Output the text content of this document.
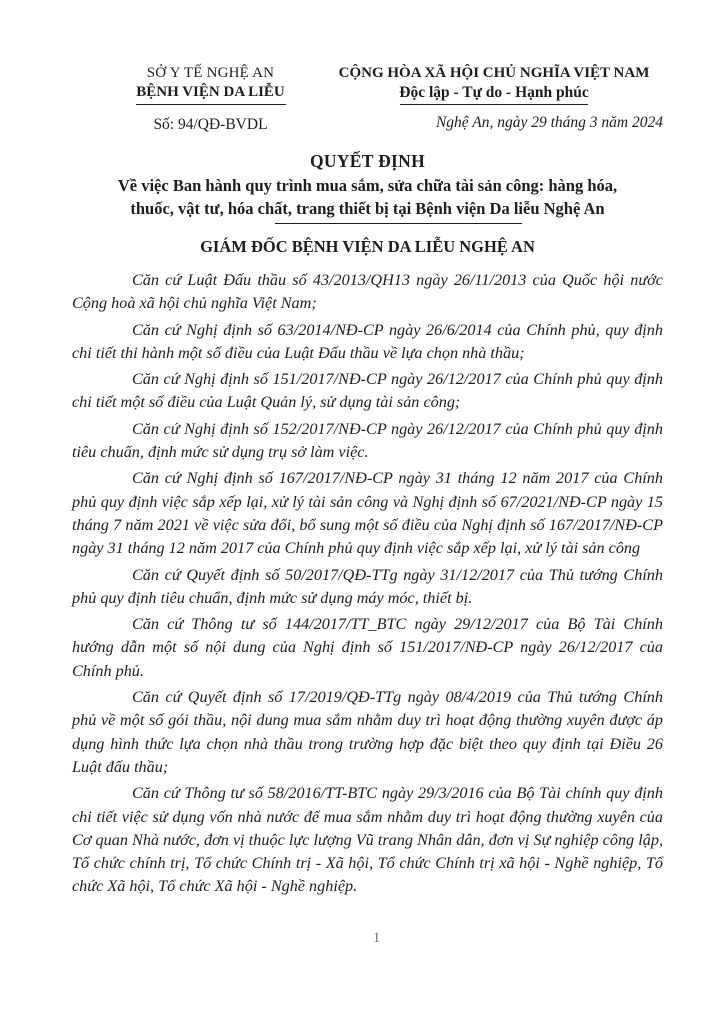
SỞ Y TẾ NGHỆ AN
BỆNH VIỆN DA LIỄU
Số: 94/QĐ-BVDL
CỘNG HÒA XÃ HỘI CHỦ NGHĨA VIỆT NAM
Độc lập - Tự do - Hạnh phúc
Nghệ An, ngày 29 tháng 3 năm 2024
QUYẾT ĐỊNH
Về việc Ban hành quy trình mua sắm, sửa chữa tài sản công: hàng hóa,
thuốc, vật tư, hóa chất, trang thiết bị tại Bệnh viện Da liễu Nghệ An
GIÁM ĐỐC BỆNH VIỆN DA LIỄU NGHỆ AN

Căn cứ Luật Đấu thầu số 43/2013/QH13 ngày 26/11/2013 của Quốc hội nước Cộng hoà xã hội chủ nghĩa Việt Nam;

Căn cứ Nghị định số 63/2014/NĐ-CP ngày 26/6/2014 của Chính phủ, quy định chi tiết thi hành một số điều của Luật Đấu thầu về lựa chọn nhà thầu;

Căn cứ Nghị định số 151/2017/NĐ-CP ngày 26/12/2017 của Chính phủ quy định chi tiết một số điều của Luật Quản lý, sử dụng tài sản công;

Căn cứ Nghị định số 152/2017/NĐ-CP ngày 26/12/2017 của Chính phủ quy định tiêu chuẩn, định mức sử dụng trụ sở làm việc.

Căn cứ Nghị định số 167/2017/NĐ-CP ngày 31 tháng 12 năm 2017 của Chính phủ quy định việc sắp xếp lại, xử lý tài sản công và Nghị định số 67/2021/NĐ-CP ngày 15 tháng 7 năm 2021 về việc sửa đổi, bổ sung một số điều của Nghị định số 167/2017/NĐ-CP ngày 31 tháng 12 năm 2017 của Chính phủ quy định việc sắp xếp lại, xử lý tài sản công

Căn cứ Quyết định số 50/2017/QĐ-TTg ngày 31/12/2017 của Thủ tướng Chính phủ quy định tiêu chuẩn, định mức sử dụng máy móc, thiết bị.

Căn cứ Thông tư số 144/2017/TT_BTC ngày 29/12/2017 của Bộ Tài Chính hướng dẫn một số nội dung của Nghị định số 151/2017/NĐ-CP ngày 26/12/2017 của Chính phủ.

Căn cứ Quyết định số 17/2019/QĐ-TTg ngày 08/4/2019 của Thủ tướng Chính phủ về một số gói thầu, nội dung mua sắm nhằm duy trì hoạt động thường xuyên được áp dụng hình thức lựa chọn nhà thầu trong trường hợp đặc biệt theo quy định tại Điều 26 Luật đấu thầu;

Căn cứ Thông tư số 58/2016/TT-BTC ngày 29/3/2016 của Bộ Tài chính quy định chi tiết việc sử dụng vốn nhà nước để mua sắm nhằm duy trì hoạt động thường xuyên của Cơ quan Nhà nước, đơn vị thuộc lực lượng Vũ trang Nhân dân, đơn vị Sự nghiệp công lập, Tổ chức chính trị, Tổ chức Chính trị - Xã hội, Tổ chức Chính trị xã hội - Nghề nghiệp, Tổ chức Xã hội, Tổ chức Xã hội - Nghề nghiệp.

1
